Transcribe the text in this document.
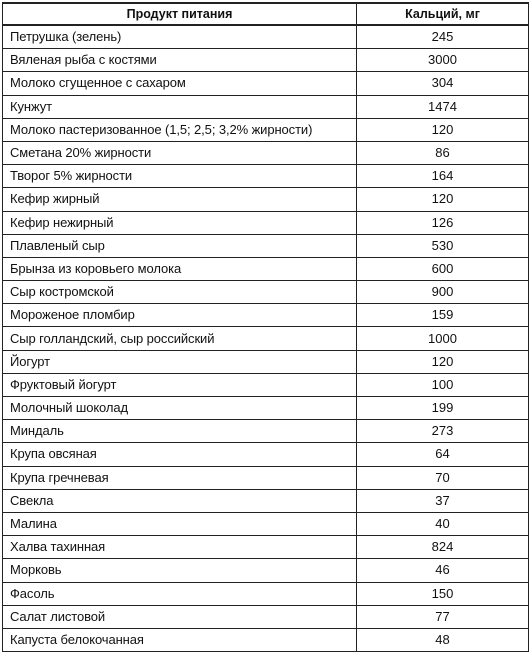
Продукт питания	Кальций, мг
Петрушка (зелень)	245
Вяленая рыба с костями	3000
Молоко сгущенное с сахаром	304
Кунжут	1474
Молоко пастеризованное (1,5; 2,5; 3,2% жирности)	120
Сметана 20% жирности	86
Творог 5% жирности	164
Кефир жирный	120
Кефир нежирный	126
Плавленый сыр	530
Брынза из коровьего молока	600
Сыр костромской	900
Мороженое пломбир	159
Сыр голландский, сыр российский	1000
Йогурт	120
Фруктовый йогурт	100
Молочный шоколад	199
Миндаль	273
Крупа овсяная	64
Крупа гречневая	70
Свекла	37
Малина	40
Халва тахинная	824
Морковь	46
Фасоль	150
Салат листовой	77
Капуста белокочанная	48
